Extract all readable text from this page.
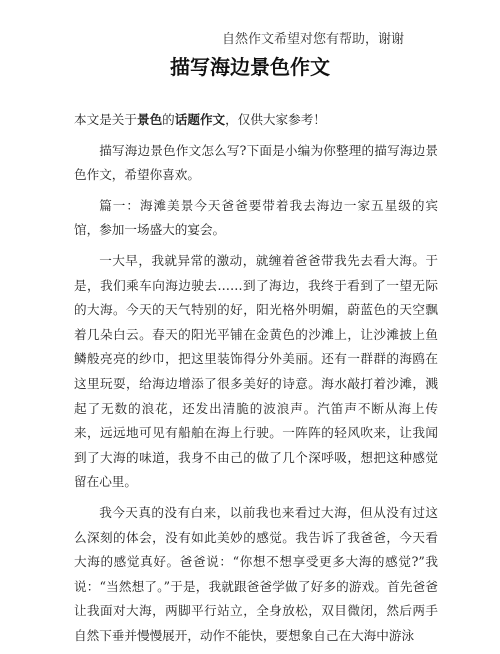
自然作文希望对您有帮助，谢谢
描写海边景色作文

本文是关于景色的话题作文，仅供大家参考！

描写海边景色作文怎么写?下面是小编为你整理的描写海边景色作文，希望你喜欢。

篇一：海滩美景今天爸爸要带着我去海边一家五星级的宾馆，参加一场盛大的宴会。

一大早，我就异常的激动，就缠着爸爸带我先去看大海。于是，我们乘车向海边驶去……到了海边，我终于看到了一望无际的大海。今天的天气特别的好，阳光格外明媚，蔚蓝色的天空飘着几朵白云。春天的阳光平铺在金黄色的沙滩上，让沙滩披上鱼鳞般亮亮的纱巾，把这里装饰得分外美丽。还有一群群的海鸥在这里玩耍，给海边增添了很多美好的诗意。海水敲打着沙滩，溅起了无数的浪花，还发出清脆的波浪声。汽笛声不断从海上传来，远远地可见有船舶在海上行驶。一阵阵的轻风吹来，让我闻到了大海的味道，我身不由己的做了几个深呼吸，想把这种感觉留在心里。

我今天真的没有白来，以前我也来看过大海，但从没有过这么深刻的体会，没有如此美妙的感觉。我告诉了我爸爸，今天看大海的感觉真好。爸爸说：“你想不想享受更多大海的感觉?”我说：“当然想了。”于是，我就跟爸爸学做了好多的游戏。首先爸爸让我面对大海，两脚平行站立，全身放松，双目微闭，然后两手自然下垂并慢慢展开，动作不能快，要想象自己在大海中游泳
